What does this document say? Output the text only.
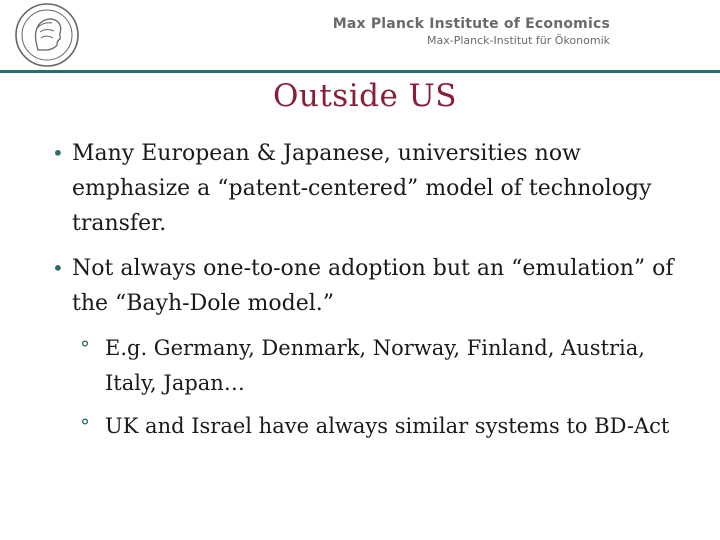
Max Planck Institute of Economics
Max-Planck-Institut für Ökonomik
Outside US
• Many European & Japanese, universities now emphasize a “patent-centered” model of technology transfer.
• Not always one-to-one adoption but an “emulation” of the “Bayh-Dole model.”
° E.g. Germany, Denmark, Norway, Finland, Austria, Italy, Japan…
° UK and Israel have always similar systems to BD-Act
